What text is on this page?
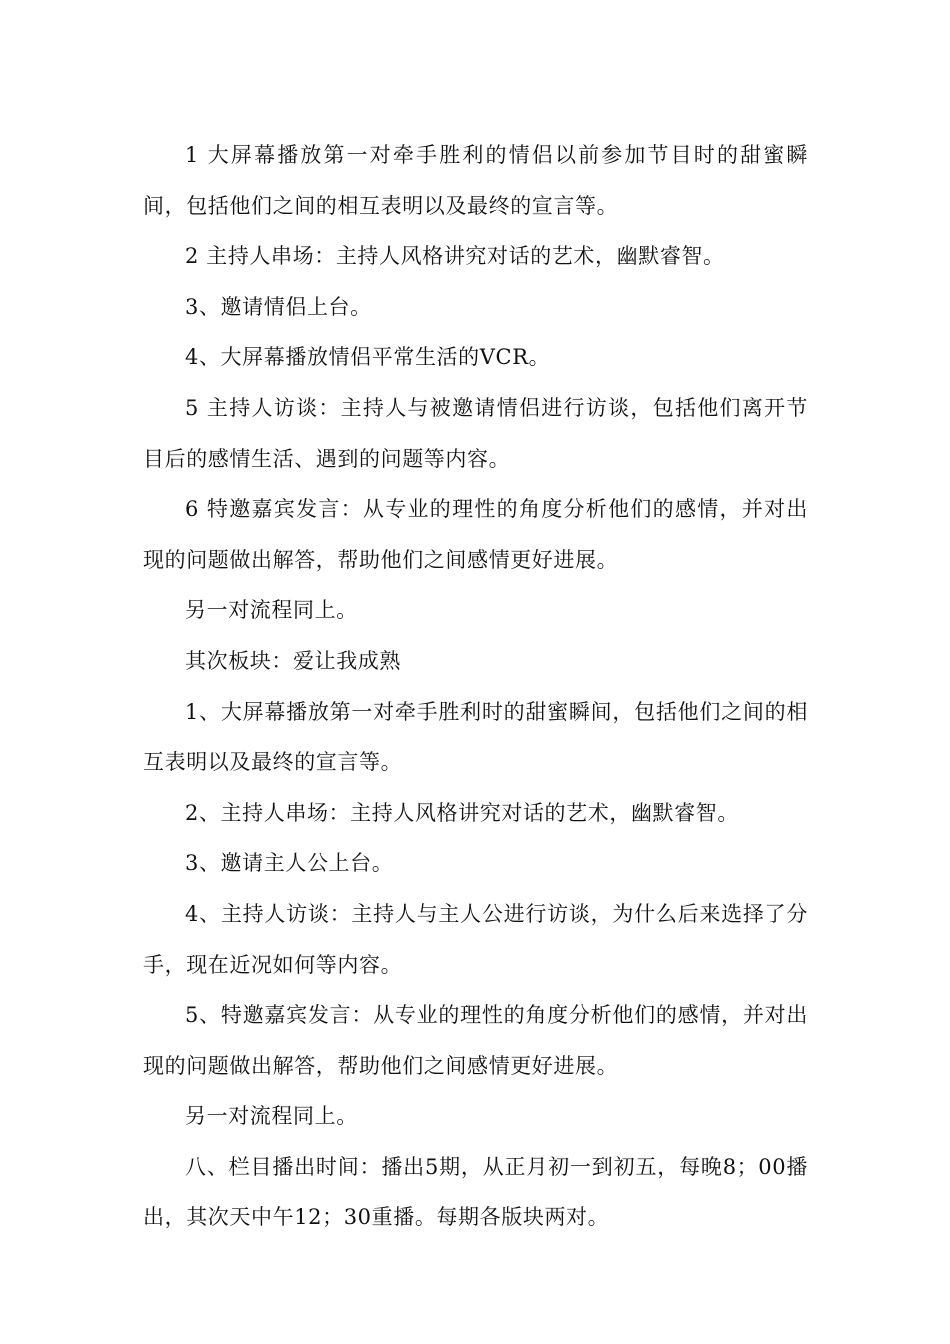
1 大屏幕播放第一对牵手胜利的情侣以前参加节目时的甜蜜瞬间，包括他们之间的相互表明以及最终的宣言等。

2 主持人串场：主持人风格讲究对话的艺术，幽默睿智。

3、邀请情侣上台。

4、大屏幕播放情侣平常生活的VCR。

5 主持人访谈：主持人与被邀请情侣进行访谈，包括他们离开节目后的感情生活、遇到的问题等内容。

6 特邀嘉宾发言：从专业的理性的角度分析他们的感情，并对出现的问题做出解答，帮助他们之间感情更好进展。

另一对流程同上。

其次板块：爱让我成熟

1、大屏幕播放第一对牵手胜利时的甜蜜瞬间，包括他们之间的相互表明以及最终的宣言等。

2、主持人串场：主持人风格讲究对话的艺术，幽默睿智。

3、邀请主人公上台。

4、主持人访谈：主持人与主人公进行访谈，为什么后来选择了分手，现在近况如何等内容。

5、特邀嘉宾发言：从专业的理性的角度分析他们的感情，并对出现的问题做出解答，帮助他们之间感情更好进展。

另一对流程同上。

八、栏目播出时间：播出5期，从正月初一到初五，每晚8；00播出，其次天中午12；30重播。每期各版块两对。
